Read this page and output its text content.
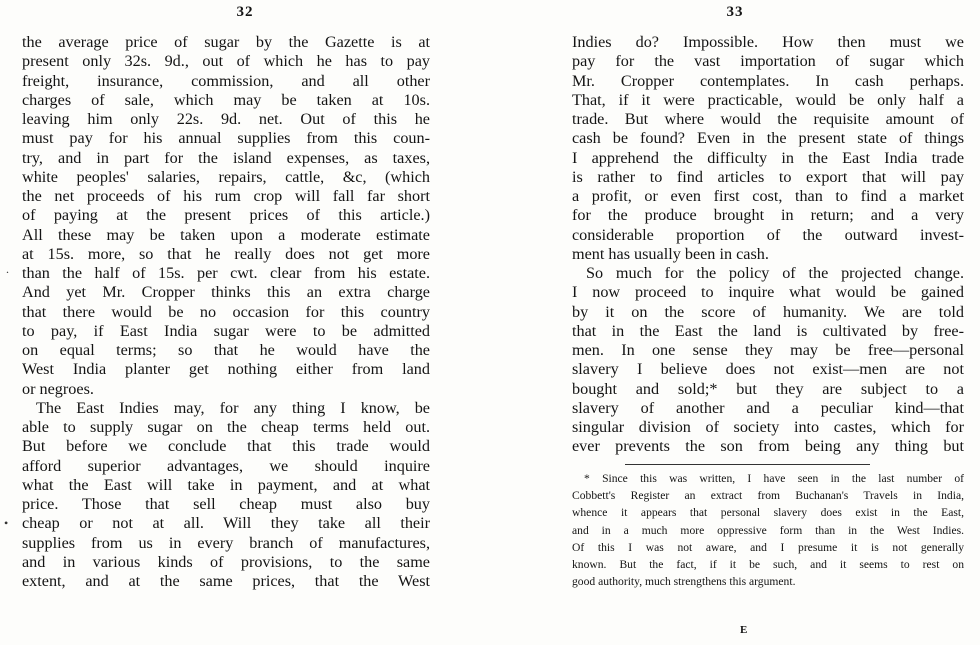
32
the average price of sugar by the Gazette is at
present only 32s. 9d., out of which he has to pay
freight, insurance, commission, and all other
charges of sale, which may be taken at 10s.
leaving him only 22s. 9d. net. Out of this he
must pay for his annual supplies from this coun-
try, and in part for the island expenses, as taxes,
white peoples' salaries, repairs, cattle, &c, (which
the net proceeds of his rum crop will fall far short
of paying at the present prices of this article.)
All these may be taken upon a moderate estimate
at 15s. more, so that he really does not get more
than the half of 15s. per cwt. clear from his estate.
And yet Mr. Cropper thinks this an extra charge
that there would be no occasion for this country
to pay, if East India sugar were to be admitted
on equal terms; so that he would have the
West India planter get nothing either from land
or negroes.
The East Indies may, for any thing I know, be
able to supply sugar on the cheap terms held out.
But before we conclude that this trade would
afford superior advantages, we should inquire
what the East will take in payment, and at what
price. Those that sell cheap must also buy
cheap or not at all. Will they take all their
supplies from us in every branch of manufactures,
and in various kinds of provisions, to the same
extent, and at the same prices, that the West
.
•
33
Indies do? Impossible. How then must we
pay for the vast importation of sugar which
Mr. Cropper contemplates. In cash perhaps.
That, if it were practicable, would be only half a
trade. But where would the requisite amount of
cash be found? Even in the present state of things
I apprehend the difficulty in the East India trade
is rather to find articles to export that will pay
a profit, or even first cost, than to find a market
for the produce brought in return; and a very
considerable proportion of the outward invest-
ment has usually been in cash.
So much for the policy of the projected change.
I now proceed to inquire what would be gained
by it on the score of humanity. We are told
that in the East the land is cultivated by free-
men. In one sense they may be free—personal
slavery I believe does not exist—men are not
bought and sold;* but they are subject to a
slavery of another and a peculiar kind—that
singular division of society into castes, which for
ever prevents the son from being any thing but
* Since this was written, I have seen in the last number of
Cobbett's Register an extract from Buchanan's Travels in India,
whence it appears that personal slavery does exist in the East,
and in a much more oppressive form than in the West Indies.
Of this I was not aware, and I presume it is not generally
known. But the fact, if it be such, and it seems to rest on
good authority, much strengthens this argument.
E
